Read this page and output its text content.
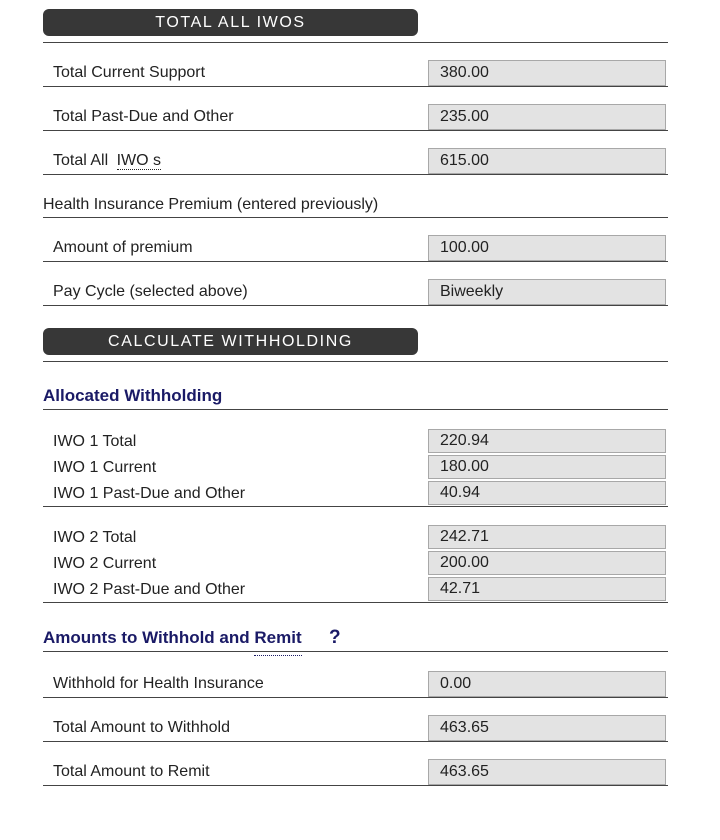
TOTAL ALL IWOS
Total Current Support	380.00
Total Past-Due and Other	235.00
Total All IWO s	615.00
Health Insurance Premium (entered previously)
Amount of premium	100.00
Pay Cycle (selected above)	Biweekly
CALCULATE WITHHOLDING
Allocated Withholding
IWO 1 Total	220.94
IWO 1 Current	180.00
IWO 1 Past-Due and Other	40.94
IWO 2 Total	242.71
IWO 2 Current	200.00
IWO 2 Past-Due and Other	42.71
Amounts to Withhold and Remit ?
Withhold for Health Insurance	0.00
Total Amount to Withhold	463.65
Total Amount to Remit	463.65
